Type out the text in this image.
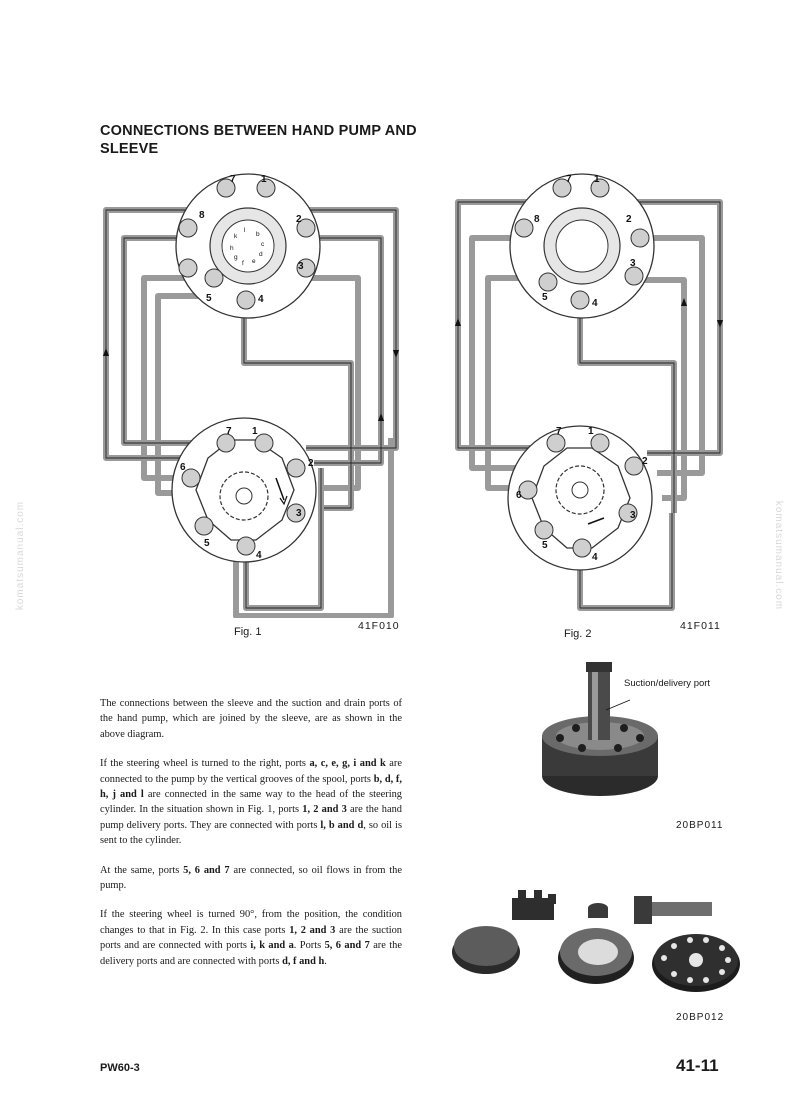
CONNECTIONS BETWEEN HAND PUMP AND SLEEVE
7	1
8	2
3
4
5
k
l
b
c
d
e
f
g
h
7 1
2
6
3
5
4
Fig. 1	41F010
7 1
8	2
3
4
5
7	1
2
6
3
5
4
Fig. 2
41F011

The connections between the sleeve and the suction and drain ports of the hand pump, which are joined by the sleeve, are as shown in the above diagram.

If the steering wheel is turned to the right, ports a, c, e, g, i and k are connected to the pump by the vertical grooves of the spool, ports b, d, f, h, j and l are connected in the same way to the head of the steering cylinder. In the situation shown in Fig. 1, ports 1, 2 and 3 are the hand pump delivery ports. They are connected with ports l, b and d, so oil is sent to the cylinder.

At the same, ports 5, 6 and 7 are connected, so oil flows in from the pump.

If the steering wheel is turned 90°, from the position, the condition changes to that in Fig. 2. In this case ports 1, 2 and 3 are the suction ports and are connected with ports i, k and a. Ports 5, 6 and 7 are the delivery ports and are connected with ports d, f and h.

Suction/delivery port
20BP011
20BP012
komatsumanual.com	komatsumanual.com
PW60-3	41-11
